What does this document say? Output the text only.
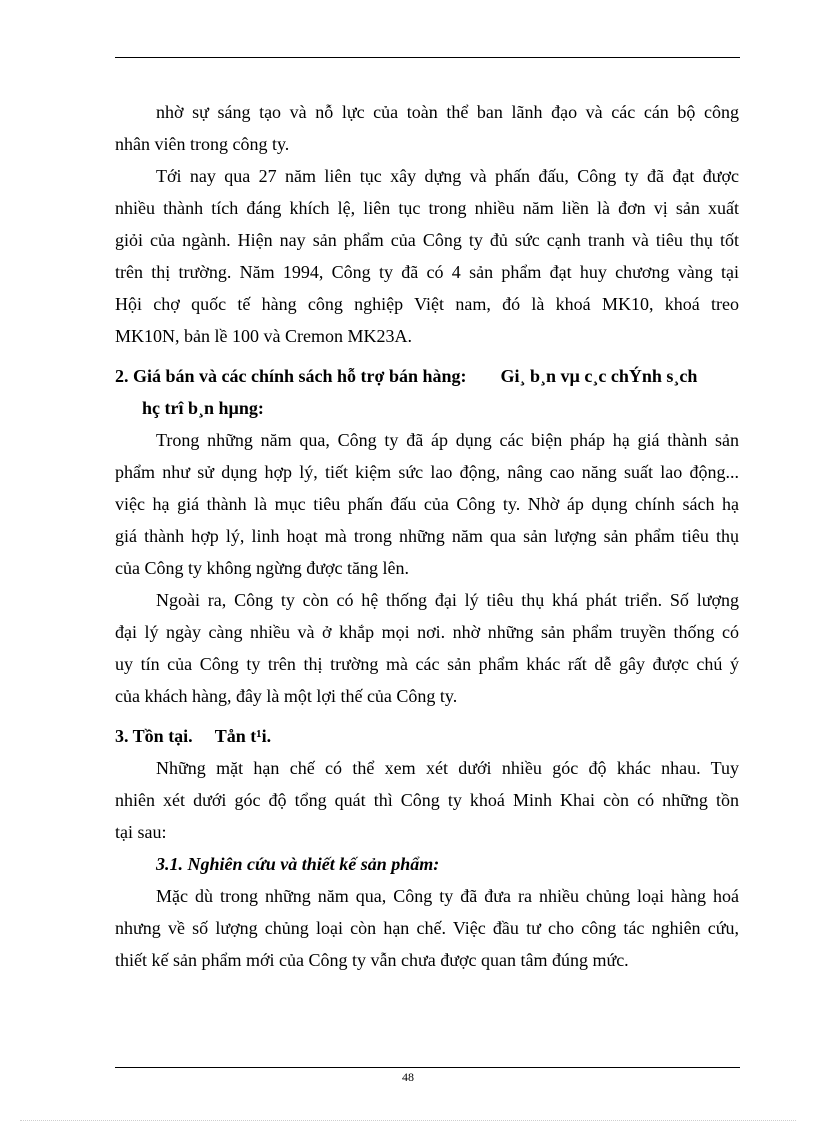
nhờ sự sáng tạo và nỗ lực của toàn thể ban lãnh đạo và các cán bộ công
nhân viên trong công ty.
Tới nay qua 27 năm liên tục xây dựng và phấn đấu, Công ty đã đạt được
nhiều thành tích đáng khích lệ, liên tục trong nhiều năm liền là đơn vị sản xuất
giỏi của ngành. Hiện nay sản phẩm của Công ty đủ sức cạnh tranh và tiêu thụ tốt
trên thị trường. Năm 1994, Công ty đã có 4 sản phẩm đạt huy chương vàng tại
Hội chợ quốc tế hàng công nghiệp Việt nam, đó là khoá MK10, khoá treo
MK10N, bản lề 100 và Cremon MK23A.
2. Giá bán và các chính sách hỗ trợ bán hàng: Gi¸ b¸n vµ c¸c chÝnh s¸ch
hç trî b¸n hµng:
Trong những năm qua, Công ty đã áp dụng các biện pháp hạ giá thành sản
phẩm như sử dụng hợp lý, tiết kiệm sức lao động, nâng cao năng suất lao động...
việc hạ giá thành là mục tiêu phấn đấu của Công ty. Nhờ áp dụng chính sách hạ
giá thành hợp lý, linh hoạt mà trong những năm qua sản lượng sản phẩm tiêu thụ
của Công ty không ngừng được tăng lên.
Ngoài ra, Công ty còn có hệ thống đại lý tiêu thụ khá phát triển. Số lượng
đại lý ngày càng nhiều và ở khắp mọi nơi. nhờ những sản phẩm truyền thống có
uy tín của Công ty trên thị trường mà các sản phẩm khác rất dễ gây được chú ý
của khách hàng, đây là một lợi thế của Công ty.
3. Tồn tại. Tån t¹i.
Những mặt hạn chế có thể xem xét dưới nhiều góc độ khác nhau. Tuy
nhiên xét dưới góc độ tổng quát thì Công ty khoá Minh Khai còn có những tồn
tại sau:
3.1. Nghiên cứu và thiết kế sản phẩm:
Mặc dù trong những năm qua, Công ty đã đưa ra nhiều chủng loại hàng hoá
nhưng về số lượng chủng loại còn hạn chế. Việc đầu tư cho công tác nghiên cứu,
thiết kế sản phẩm mới của Công ty vẫn chưa được quan tâm đúng mức.
48
